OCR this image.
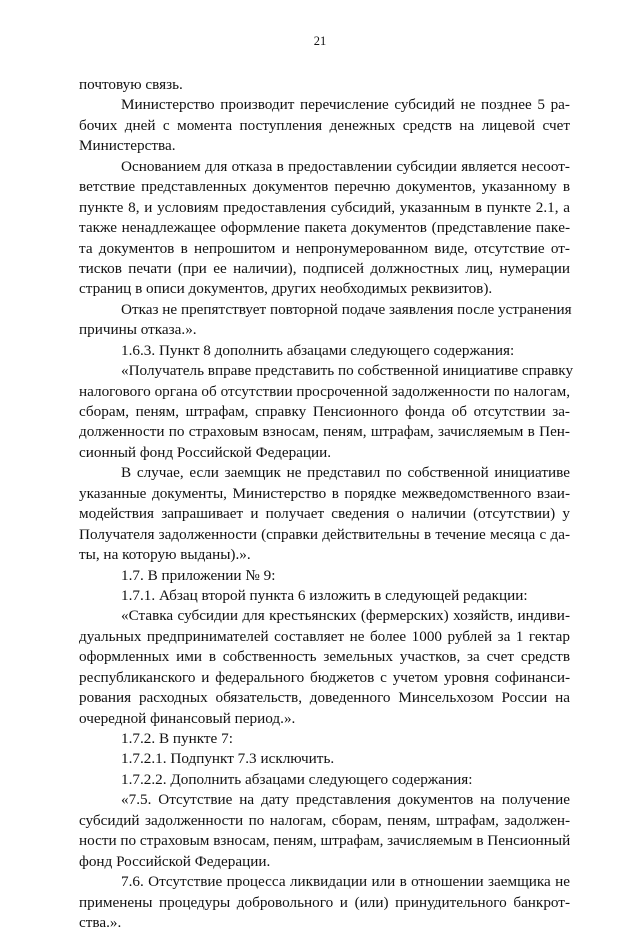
21
почтовую связь.
Министерство производит перечисление субсидий не позднее 5 ра-
бочих дней с момента поступления денежных средств на лицевой счет
Министерства.
Основанием для отказа в предоставлении субсидии является несоот-
ветствие представленных документов перечню документов, указанному в
пункте 8, и условиям предоставления субсидий, указанным в пункте 2.1, а
также ненадлежащее оформление пакета документов (представление пакe-
та документов в непрошитом и непронумерованном виде, отсутствие от-
тисков печати (при ее наличии), подписей должностных лиц, нумерации
страниц в описи документов, других необходимых реквизитов).
Отказ не препятствует повторной подаче заявления после устранения
причины отказа.».
1.6.3. Пункт 8 дополнить абзацами следующего содержания:
«Получатель вправе представить по собственной инициативе справку
налогового органа об отсутствии просроченной задолженности по налогам,
сборам, пеням, штрафам, справку Пенсионного фонда об отсутствии за-
долженности по страховым взносам, пеням, штрафам, зачисляемым в Пен-
сионный фонд Российской Федерации.
В случае, если заемщик не представил по собственной инициативе
указанные документы, Министерство в порядке межведомственного взаи-
модействия запрашивает и получает сведения о наличии (отсутствии) у
Получателя задолженности (справки действительны в течение месяца с да-
ты, на которую выданы).».
1.7. В приложении № 9:
1.7.1. Абзац второй пункта 6 изложить в следующей редакции:
«Ставка субсидии для крестьянских (фермерских) хозяйств, индиви-
дуальных предпринимателей составляет не более 1000 рублей за 1 гектар
оформленных ими в собственность земельных участков, за счет средств
республиканского и федерального бюджетов с учетом уровня софинанси-
рования расходных обязательств, доведенного Минсельхозом России на
очередной финансовый период.».
1.7.2. В пункте 7:
1.7.2.1. Подпункт 7.3 исключить.
1.7.2.2. Дополнить абзацами следующего содержания:
«7.5. Отсутствие на дату представления документов на получение
субсидий задолженности по налогам, сборам, пеням, штрафам, задолжен-
ности по страховым взносам, пеням, штрафам, зачисляемым в Пенсионный
фонд Российской Федерации.
7.6. Отсутствие процесса ликвидации или в отношении заемщика не
применены процедуры добровольного и (или) принудительного банкрот-
ства.».
